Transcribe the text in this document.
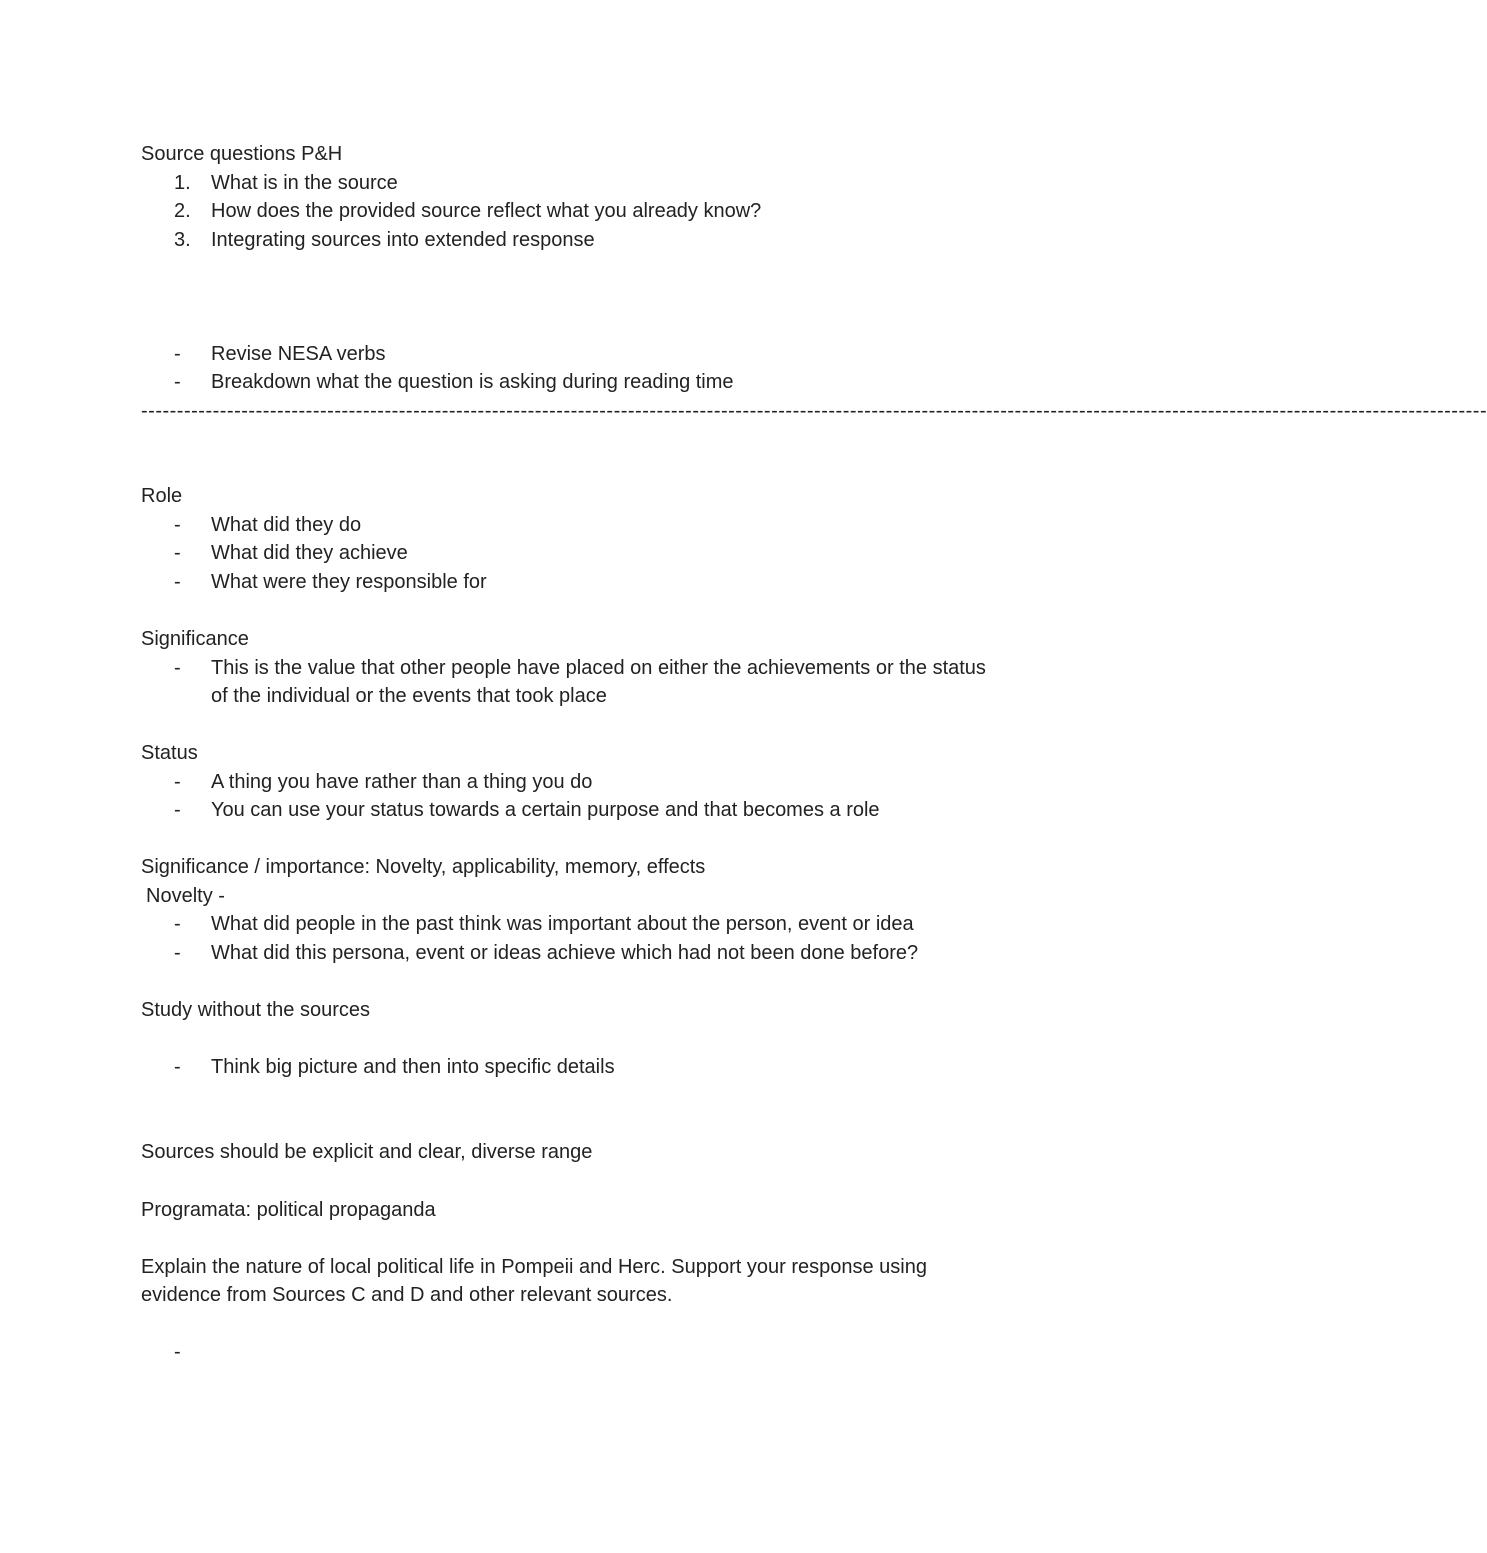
Source questions P&H
1. What is in the source
2. How does the provided source reflect what you already know?
3. Integrating sources into extended response
- Revise NESA verbs
- Breakdown what the question is asking during reading time
--------------------------------------------------------------------------------------------------------------------------------------------------------------------------------------------
Role
- What did they do
- What did they achieve
- What were they responsible for
Significance
- This is the value that other people have placed on either the achievements or the status
of the individual or the events that took place
Status
- A thing you have rather than a thing you do
- You can use your status towards a certain purpose and that becomes a role
Significance / importance: Novelty, applicability, memory, effects
Novelty -
- What did people in the past think was important about the person, event or idea
- What did this persona, event or ideas achieve which had not been done before?
Study without the sources
- Think big picture and then into specific details
Sources should be explicit and clear, diverse range
Programata: political propaganda
Explain the nature of local political life in Pompeii and Herc. Support your response using
evidence from Sources C and D and other relevant sources.
-
